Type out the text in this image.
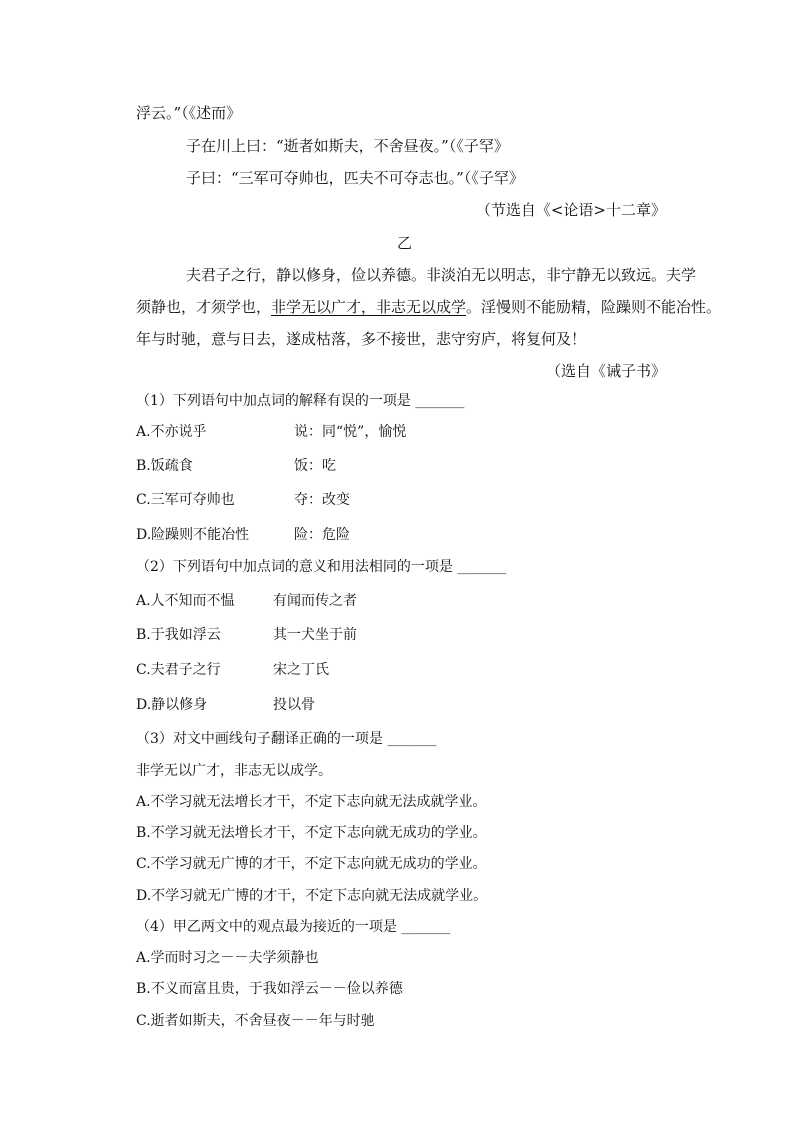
浮云。”（《述而》
子在川上曰：“逝者如斯夫，不舍昼夜。”（《子罕》
子曰：“三军可夺帅也，匹夫不可夺志也。”（《子罕》
（节选自《<论语>十二章》
乙
夫君子之行，静以修身，俭以养德。非淡泊无以明志，非宁静无以致远。夫学
须静也，才须学也，非学无以广才，非志无以成学。淫慢则不能励精，险躁则不能冶性。
年与时驰，意与日去，遂成枯落，多不接世，悲守穷庐，将复何及！
（选自《诫子书》
（1）下列语句中加点词的解释有误的一项是 _______
A.不亦说乎	说：同“悦”，愉悦
B.饭疏食	饭：吃
C.三军可夺帅也	夺：改变
D.险躁则不能冶性	险：危险
（2）下列语句中加点词的意义和用法相同的一项是 _______
A.人不知而不愠	有闻而传之者
B.于我如浮云	其一犬坐于前
C.夫君子之行	宋之丁氏
D.静以修身	投以骨
（3）对文中画线句子翻译正确的一项是 _______
非学无以广才，非志无以成学。
A.不学习就无法增长才干，不定下志向就无法成就学业。
B.不学习就无法增长才干，不定下志向就无成功的学业。
C.不学习就无广博的才干，不定下志向就无成功的学业。
D.不学习就无广博的才干，不定下志向就无法成就学业。
（4）甲乙两文中的观点最为接近的一项是 _______
A.学而时习之－－夫学须静也
B.不义而富且贵，于我如浮云－－俭以养德
C.逝者如斯夫，不舍昼夜－－年与时驰
